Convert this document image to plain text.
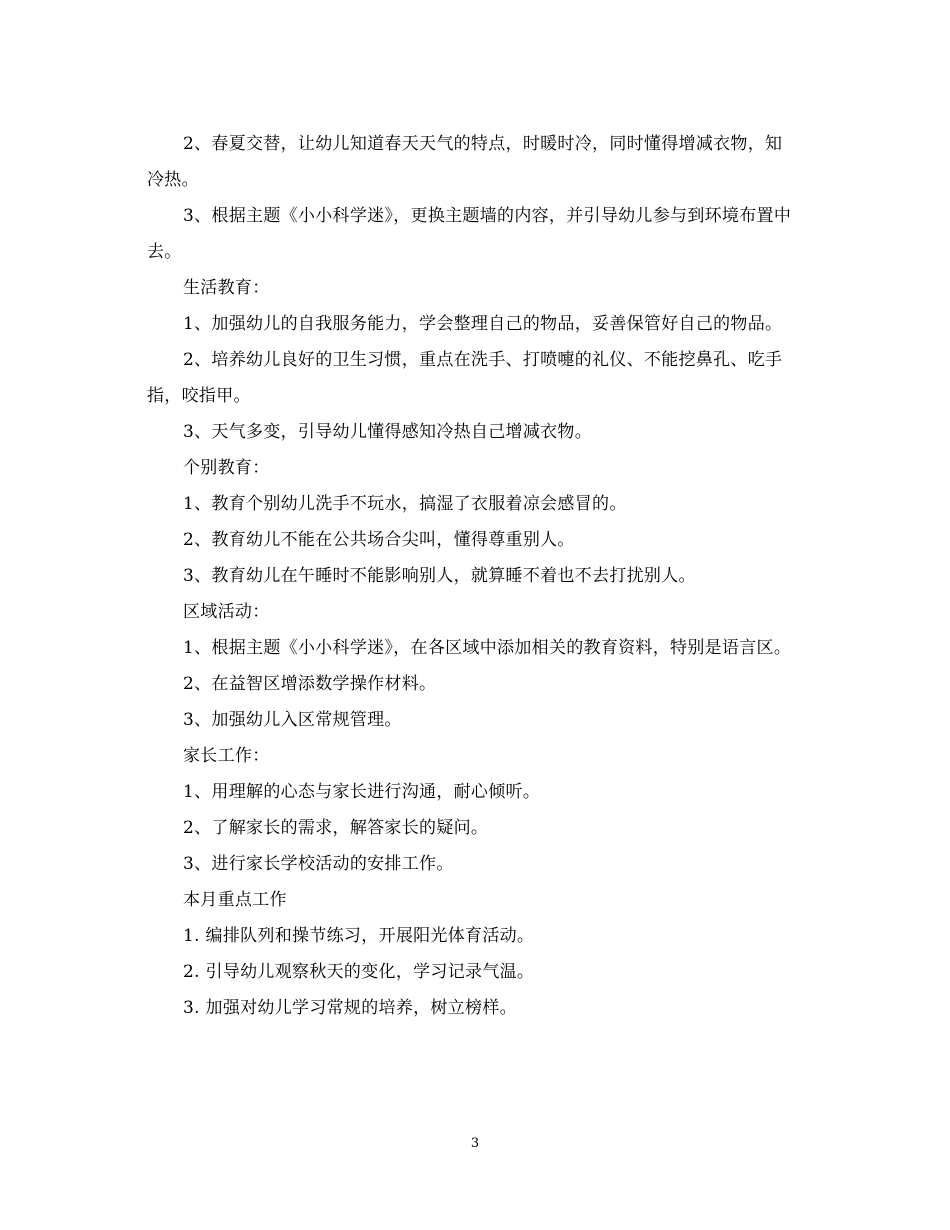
2、春夏交替，让幼儿知道春天天气的特点，时暖时冷，同时懂得增减衣物，知冷热。

3、根据主题《小小科学迷》，更换主题墙的内容，并引导幼儿参与到环境布置中去。

生活教育：

1、加强幼儿的自我服务能力，学会整理自己的物品，妥善保管好自己的物品。

2、培养幼儿良好的卫生习惯，重点在洗手、打喷嚏的礼仪、不能挖鼻孔、吃手指，咬指甲。

3、天气多变，引导幼儿懂得感知冷热自己增减衣物。

个别教育：

1、教育个别幼儿洗手不玩水，搞湿了衣服着凉会感冒的。

2、教育幼儿不能在公共场合尖叫，懂得尊重别人。

3、教育幼儿在午睡时不能影响别人，就算睡不着也不去打扰别人。

区域活动：

1、根据主题《小小科学迷》，在各区域中添加相关的教育资料，特别是语言区。

2、在益智区增添数学操作材料。

3、加强幼儿入区常规管理。

家长工作：

1、用理解的心态与家长进行沟通，耐心倾听。

2、了解家长的需求，解答家长的疑问。

3、进行家长学校活动的安排工作。

本月重点工作

1. 编排队列和操节练习，开展阳光体育活动。

2. 引导幼儿观察秋天的变化，学习记录气温。

3. 加强对幼儿学习常规的培养，树立榜样。

3
